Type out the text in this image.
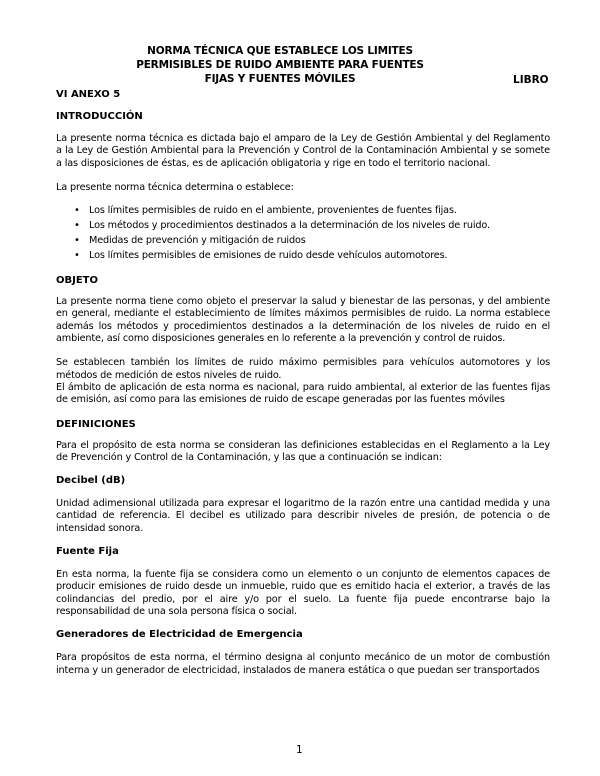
NORMA TÉCNICA QUE ESTABLECE LOS LIMITES
PERMISIBLES DE RUIDO AMBIENTE PARA FUENTES
FIJAS Y FUENTES MÓVILES	LIBRO

VI ANEXO 5

INTRODUCCIÓN

La presente norma técnica es dictada bajo el amparo de la Ley de Gestión Ambiental y del Reglamento a la Ley de Gestión Ambiental para la Prevención y Control de la Contaminación Ambiental y se somete a las disposiciones de éstas, es de aplicación obligatoria y rige en todo el territorio nacional.

La presente norma técnica determina o establece:

• Los límites permisibles de ruido en el ambiente, provenientes de fuentes fijas.
• Los métodos y procedimientos destinados a la determinación de los niveles de ruido.
• Medidas de prevención y mitigación de ruidos
• Los límites permisibles de emisiones de ruido desde vehículos automotores.

OBJETO

La presente norma tiene como objeto el preservar la salud y bienestar de las personas, y del ambiente en general, mediante el establecimiento de límites máximos permisibles de ruido. La norma establece además los métodos y procedimientos destinados a la determinación de los niveles de ruido en el ambiente, así como disposiciones generales en lo referente a la prevención y control de ruidos.

Se establecen también los límites de ruido máximo permisibles para vehículos automotores y los métodos de medición de estos niveles de ruido.

El ámbito de aplicación de esta norma es nacional, para ruido ambiental, al exterior de las fuentes fijas de emisión, así como para las emisiones de ruido de escape generadas por las fuentes móviles

DEFINICIONES

Para el propósito de esta norma se consideran las definiciones establecidas en el Reglamento a la Ley de Prevención y Control de la Contaminación, y las que a continuación se indican:

Decibel (dB)

Unidad adimensional utilizada para expresar el logaritmo de la razón entre una cantidad medida y una cantidad de referencia. El decibel es utilizado para describir niveles de presión, de potencia o de intensidad sonora.

Fuente Fija

En esta norma, la fuente fija se considera como un elemento o un conjunto de elementos capaces de producir emisiones de ruido desde un inmueble, ruido que es emitido hacia el exterior, a través de las colindancias del predio, por el aire y/o por el suelo. La fuente fija puede encontrarse bajo la responsabilidad de una sola persona física o social.

Generadores de Electricidad de Emergencia

Para propósitos de esta norma, el término designa al conjunto mecánico de un motor de combustión interna y un generador de electricidad, instalados de manera estática o que puedan ser transportados

1
